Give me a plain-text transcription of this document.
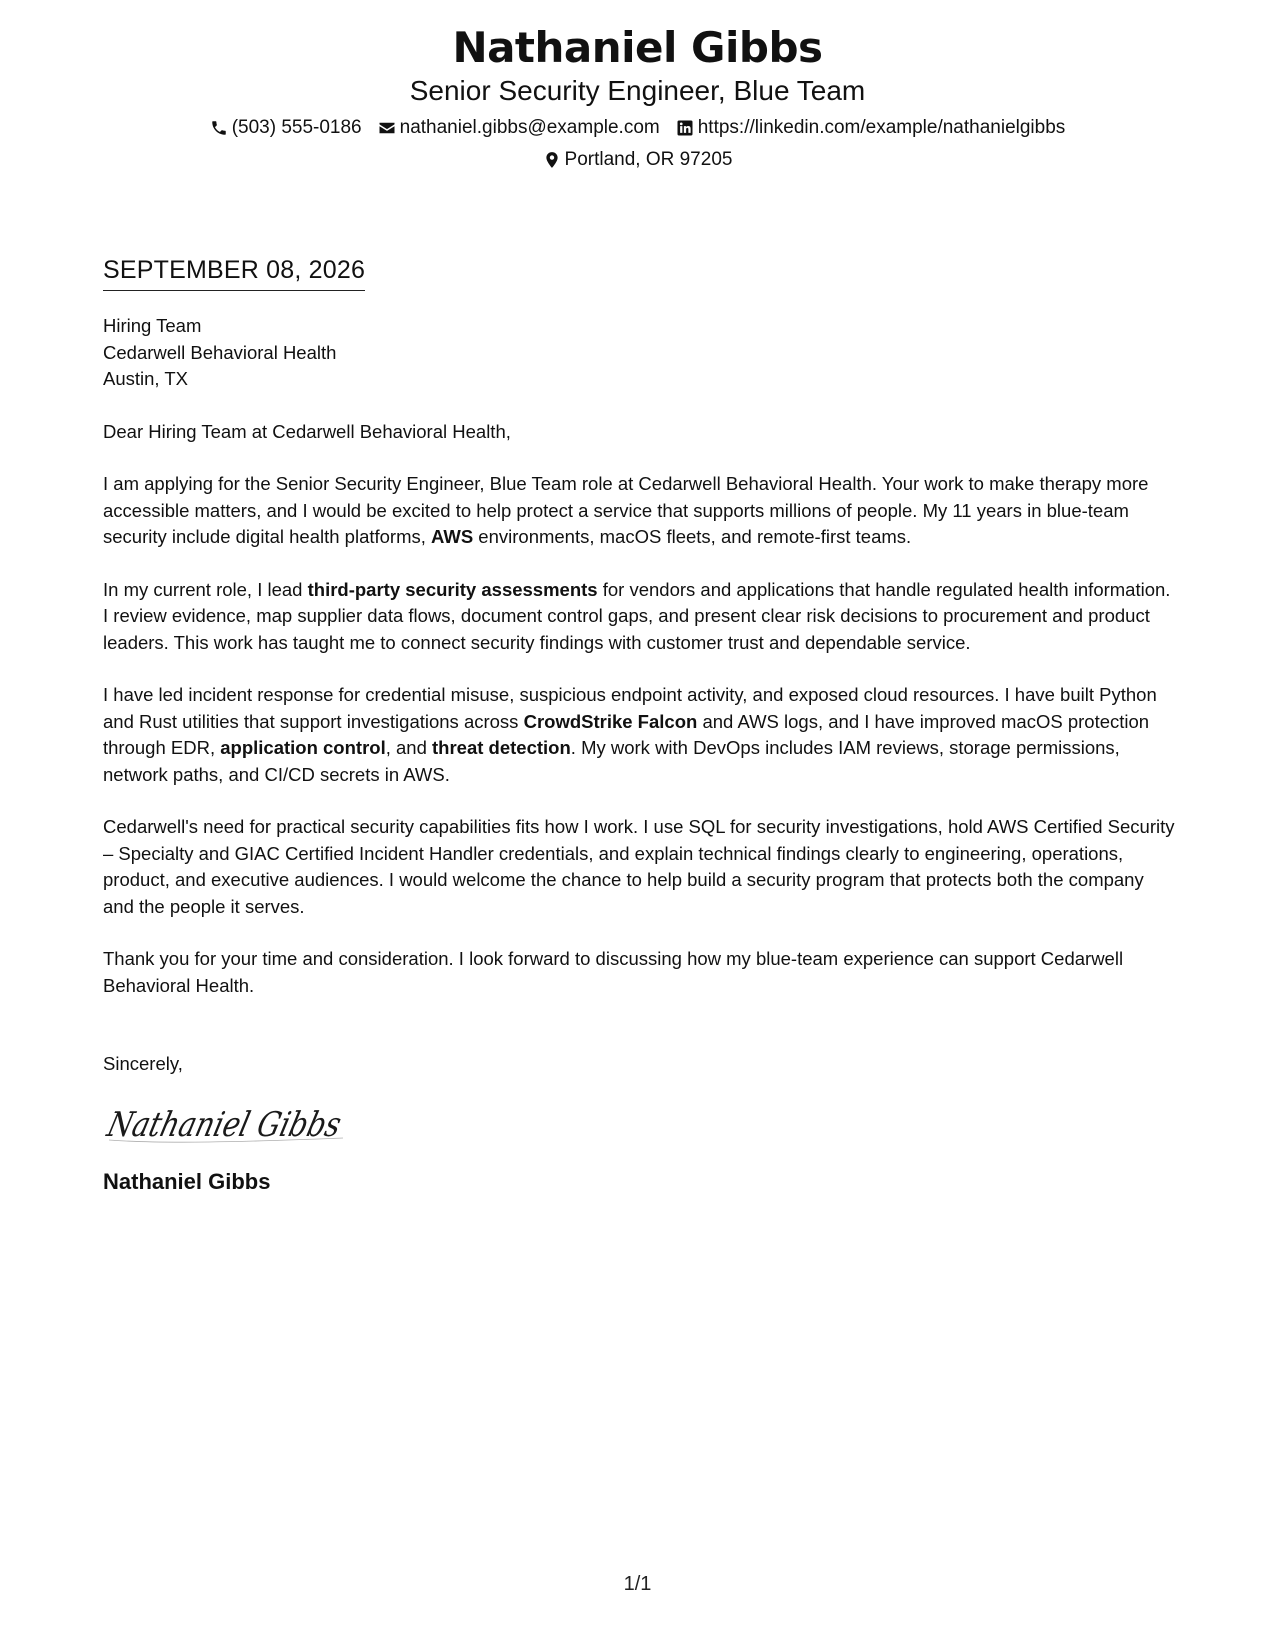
Nathaniel Gibbs
Senior Security Engineer, Blue Team
(503) 555-0186 nathaniel.gibbs@example.com https://linkedin.com/example/nathanielgibbs
Portland, OR 97205
SEPTEMBER 08, 2026
Hiring Team
Cedarwell Behavioral Health
Austin, TX
Dear Hiring Team at Cedarwell Behavioral Health,

I am applying for the Senior Security Engineer, Blue Team role at Cedarwell Behavioral Health. Your work to make therapy more accessible matters, and I would be excited to help protect a service that supports millions of people. My 11 years in blue-team security include digital health platforms, AWS environments, macOS fleets, and remote-first teams.

In my current role, I lead third-party security assessments for vendors and applications that handle regulated health information. I review evidence, map supplier data flows, document control gaps, and present clear risk decisions to procurement and product leaders. This work has taught me to connect security findings with customer trust and dependable service.

I have led incident response for credential misuse, suspicious endpoint activity, and exposed cloud resources. I have built Python and Rust utilities that support investigations across CrowdStrike Falcon and AWS logs, and I have improved macOS protection through EDR, application control, and threat detection. My work with DevOps includes IAM reviews, storage permissions, network paths, and CI/CD secrets in AWS.

Cedarwell's need for practical security capabilities fits how I work. I use SQL for security investigations, hold AWS Certified Security – Specialty and GIAC Certified Incident Handler credentials, and explain technical findings clearly to engineering, operations, product, and executive audiences. I would welcome the chance to help build a security program that protects both the company and the people it serves.

Thank you for your time and consideration. I look forward to discussing how my blue-team experience can support Cedarwell Behavioral Health.

Sincerely,
Nathaniel Gibbs
Nathaniel Gibbs
1/1
